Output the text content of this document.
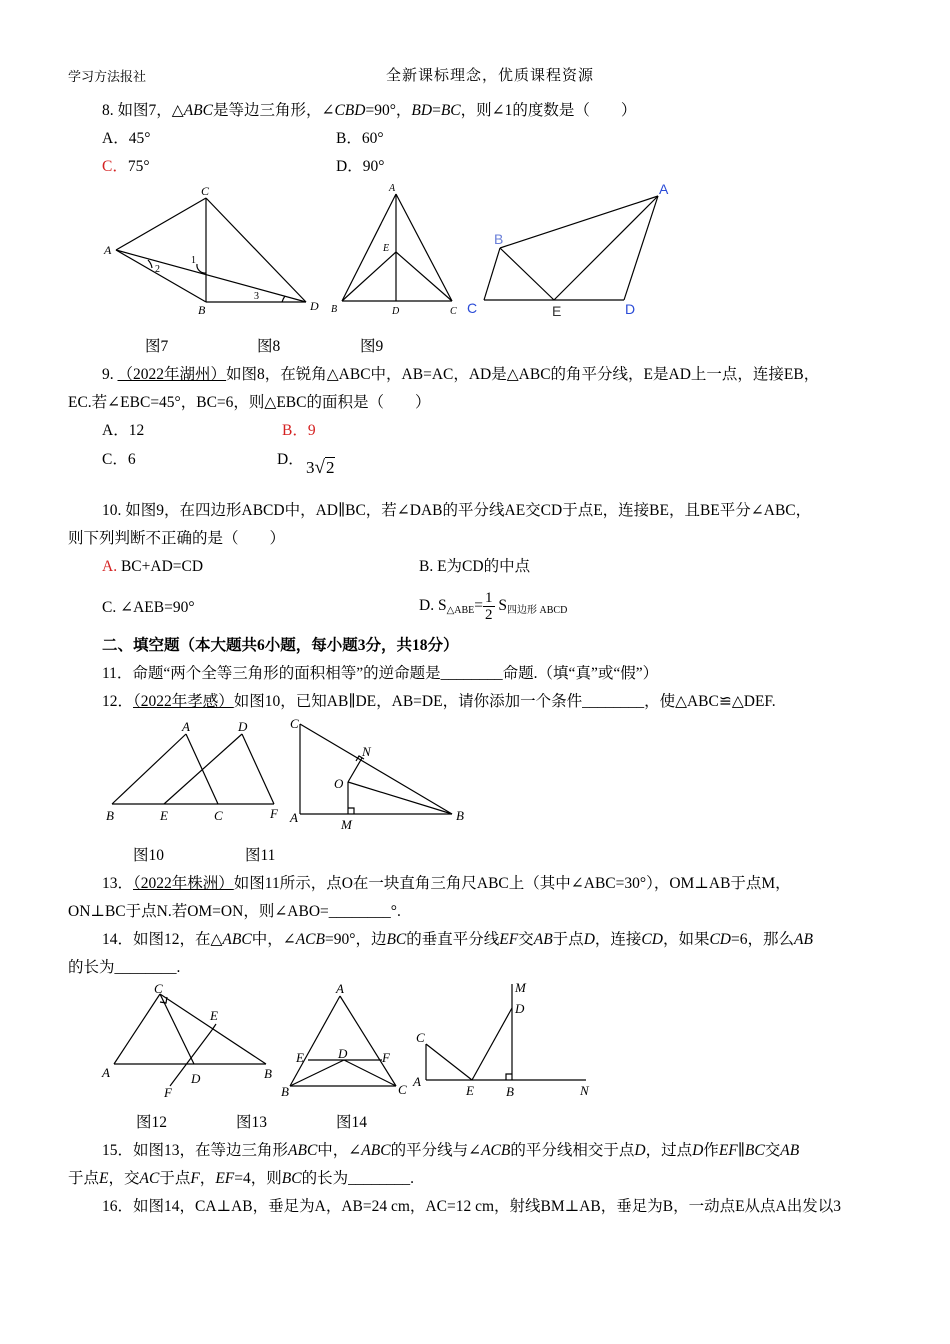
学习方法报社	全新课标理念，优质课程资源
8. 如图7，△ABC是等边三角形，∠CBD=90°，BD=BC，则∠1的度数是（　　）
A．45°	B．60°
C．75°	D．90°
C
A
B	D
1
2
3
A
E
B	D	C
A
B
C	E	D
图7	图8	图9
9. （2022年湖州）如图8，在锐角△ABC中，AB=AC，AD是△ABC的角平分线，E是AD上一点，连接EB，
EC.若∠EBC=45°，BC=6，则△EBC的面积是（　　）
A．12	B．9
C．6	D． 3√2
10. 如图9，在四边形ABCD中，AD∥BC，若∠DAB的平分线AE交CD于点E，连接BE，且BE平分∠ABC，
则下列判断不正确的是（　　）
A. BC+AD=CD	B. E为CD的中点
C. ∠AEB=90°	D. $S_{\triangle ABE}= \frac{1}{2} S_{四边形 ABCD}$
二、填空题（本大题共6小题，每小题3分，共18分）
11．命题“两个全等三角形的面积相等”的逆命题是________命题.（填“真”或“假”）
12．（2022年孝感）如图10，已知AB∥DE，AB=DE，请你添加一个条件________，使△ABC≌△DEF.
A	D
B	E	C	F
C
N
O
A	M
B
图10	图11
13．（2022年株洲）如图11所示，点O在一块直角三角尺ABC上（其中∠ABC=30°），OM⊥AB于点M，
ON⊥BC于点N.若OM=ON，则∠ABO=________°.
14．如图12，在△ABC中，∠ACB=90°，边BC的垂直平分线EF交AB于点D，连接CD，如果CD=6，那么AB
的长为________.
C
E
A
F
D	B
A
E	D	F
B	C
M
D
C
A
E B	N
图12	图13	图14
15．如图13，在等边三角形ABC中，∠ABC的平分线与∠ACB的平分线相交于点D，过点D作EF∥BC交AB
于点E，交AC于点F，EF=4，则BC的长为________.
16．如图14，CA⊥AB，垂足为A，AB=24 cm，AC=12 cm，射线BM⊥AB，垂足为B，一动点E从点A出发以3
